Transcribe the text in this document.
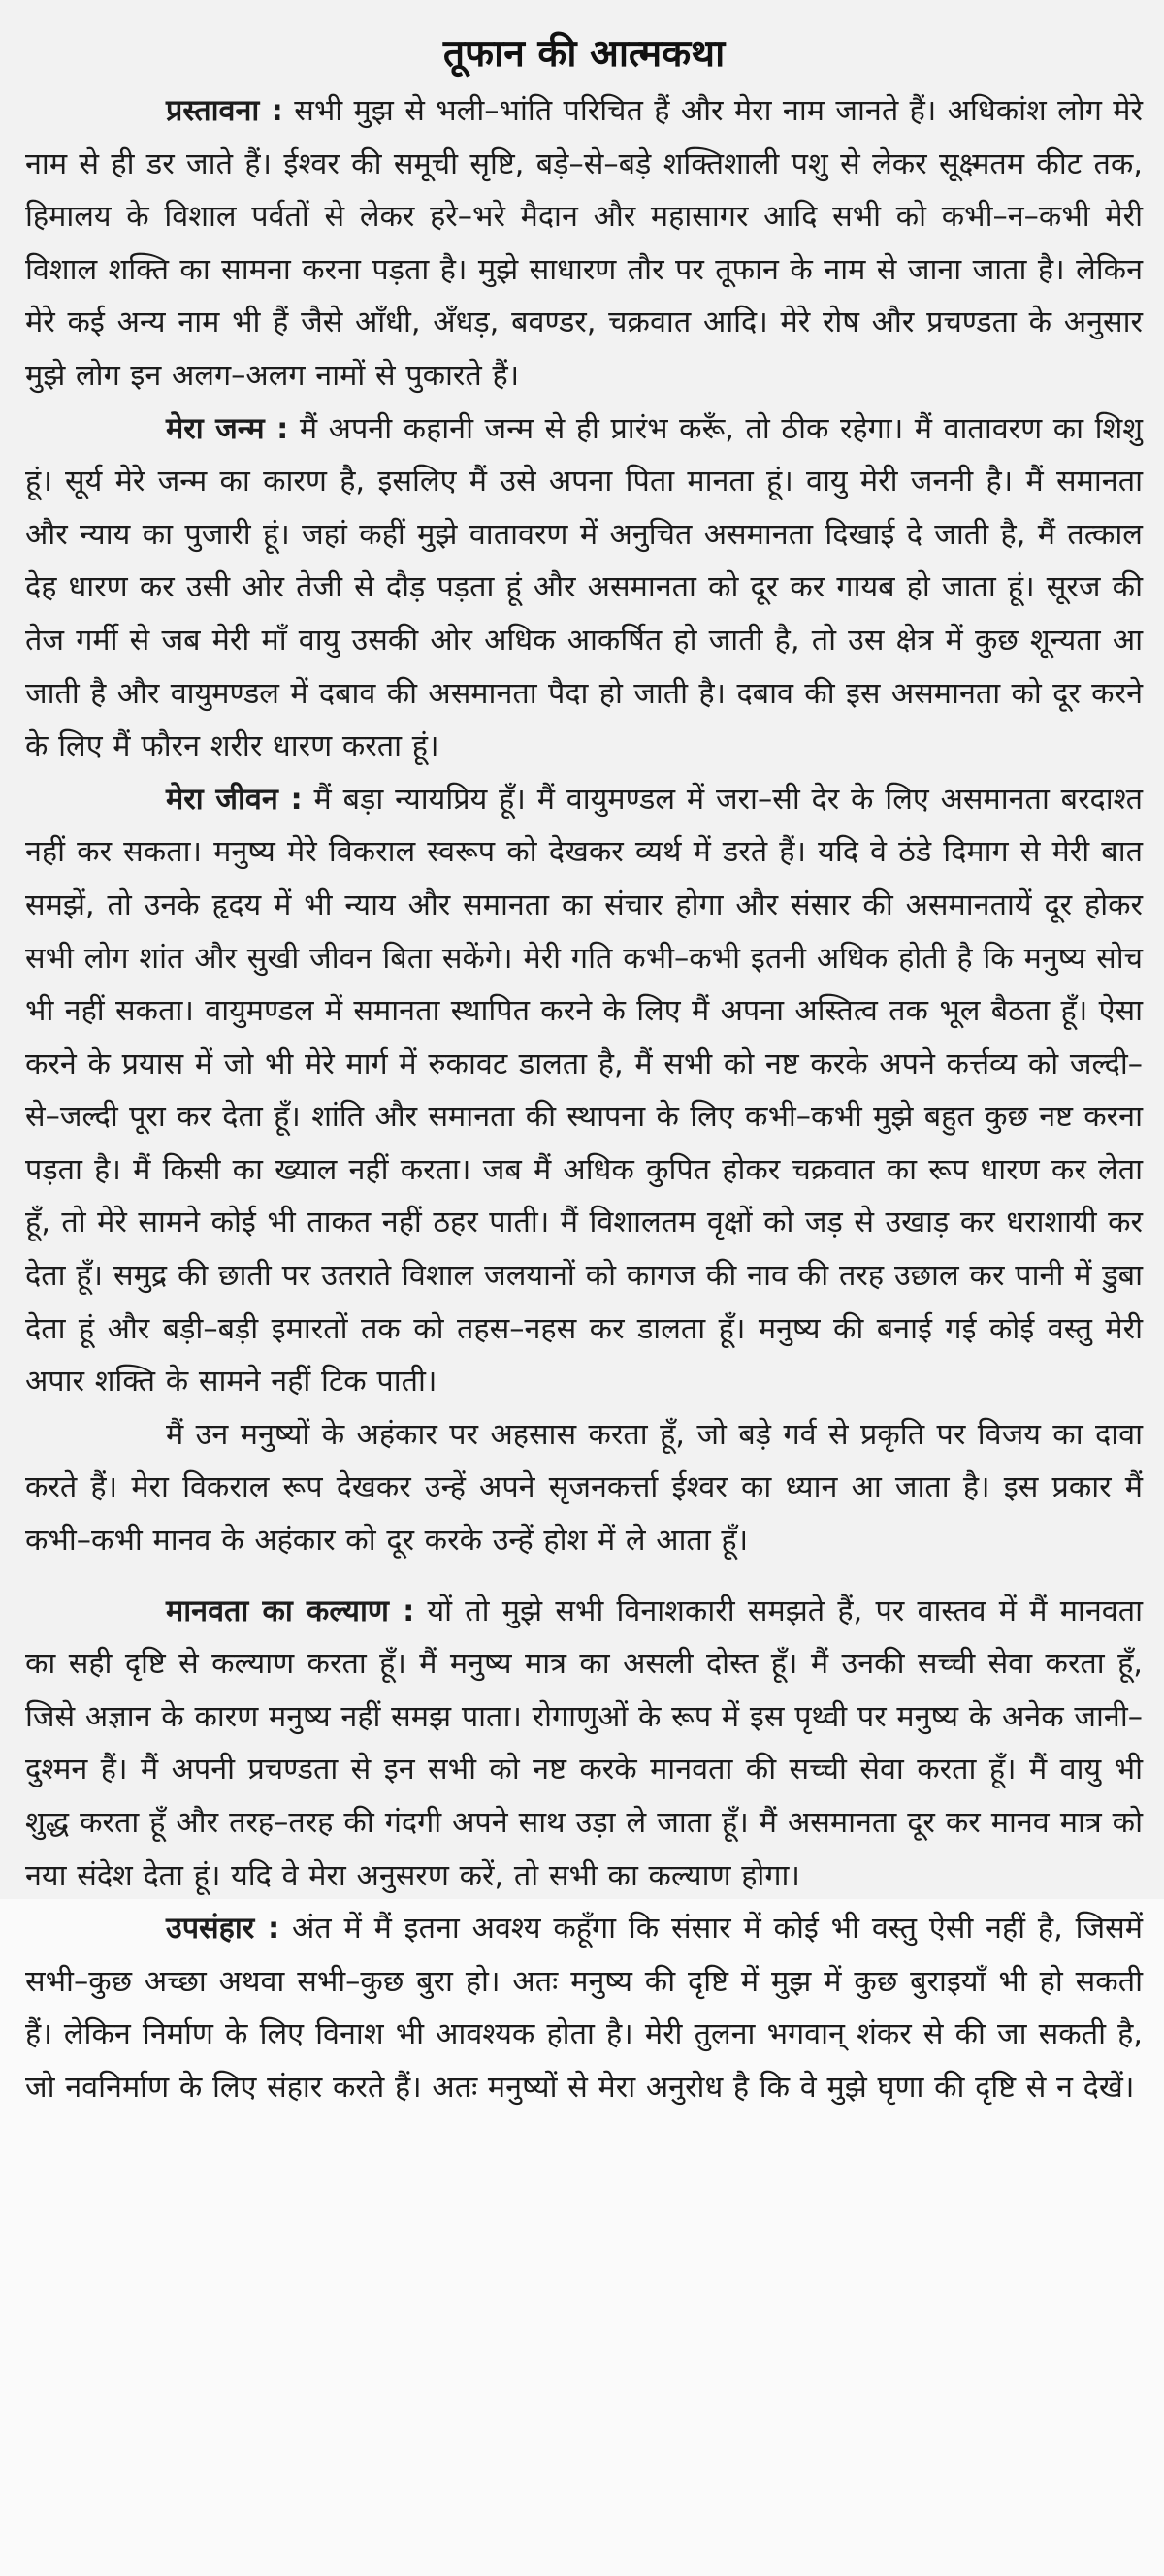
तूफान की आत्मकथा

प्रस्तावना : सभी मुझ से भली–भांति परिचित हैं और मेरा नाम जानते हैं। अधिकांश लोग मेरे नाम से ही डर जाते हैं। ईश्वर की समूची सृष्टि, बड़े–से–बड़े शक्तिशाली पशु से लेकर सूक्ष्मतम कीट तक, हिमालय के विशाल पर्वतों से लेकर हरे–भरे मैदान और महासागर आदि सभी को कभी–न–कभी मेरी विशाल शक्ति का सामना करना पड़ता है। मुझे साधारण तौर पर तूफान के नाम से जाना जाता है। लेकिन मेरे कई अन्य नाम भी हैं जैसे आँधी, अँधड़, बवण्डर, चक्रवात आदि। मेरे रोष और प्रचण्डता के अनुसार मुझे लोग इन अलग–अलग नामों से पुकारते हैं।

मेरा जन्म : मैं अपनी कहानी जन्म से ही प्रारंभ करूँ, तो ठीक रहेगा। मैं वातावरण का शिशु हूं। सूर्य मेरे जन्म का कारण है, इसलिए मैं उसे अपना पिता मानता हूं। वायु मेरी जननी है। मैं समानता और न्याय का पुजारी हूं। जहां कहीं मुझे वातावरण में अनुचित असमानता दिखाई दे जाती है, मैं तत्काल देह धारण कर उसी ओर तेजी से दौड़ पड़ता हूं और असमानता को दूर कर गायब हो जाता हूं। सूरज की तेज गर्मी से जब मेरी माँ वायु उसकी ओर अधिक आकर्षित हो जाती है, तो उस क्षेत्र में कुछ शून्यता आ जाती है और वायुमण्डल में दबाव की असमानता पैदा हो जाती है। दबाव की इस असमानता को दूर करने के लिए मैं फौरन शरीर धारण करता हूं।

मेरा जीवन : मैं बड़ा न्यायप्रिय हूँ। मैं वायुमण्डल में जरा–सी देर के लिए असमानता बरदाश्त नहीं कर सकता। मनुष्य मेरे विकराल स्वरूप को देखकर व्यर्थ में डरते हैं। यदि वे ठंडे दिमाग से मेरी बात समझें, तो उनके हृदय में भी न्याय और समानता का संचार होगा और संसार की असमानतायें दूर होकर सभी लोग शांत और सुखी जीवन बिता सकेंगे। मेरी गति कभी–कभी इतनी अधिक होती है कि मनुष्य सोच भी नहीं सकता। वायुमण्डल में समानता स्थापित करने के लिए मैं अपना अस्तित्व तक भूल बैठता हूँ। ऐसा करने के प्रयास में जो भी मेरे मार्ग में रुकावट डालता है, मैं सभी को नष्ट करके अपने कर्त्तव्य को जल्दी–से–जल्दी पूरा कर देता हूँ। शांति और समानता की स्थापना के लिए कभी–कभी मुझे बहुत कुछ नष्ट करना पड़ता है। मैं किसी का ख्याल नहीं करता। जब मैं अधिक कुपित होकर चक्रवात का रूप धारण कर लेता हूँ, तो मेरे सामने कोई भी ताकत नहीं ठहर पाती। मैं विशालतम वृक्षों को जड़ से उखाड़ कर धराशायी कर देता हूँ। समुद्र की छाती पर उतराते विशाल जलयानों को कागज की नाव की तरह उछाल कर पानी में डुबा देता हूं और बड़ी–बड़ी इमारतों तक को तहस–नहस कर डालता हूँ। मनुष्य की बनाई गई कोई वस्तु मेरी अपार शक्ति के सामने नहीं टिक पाती।

मैं उन मनुष्यों के अहंकार पर अहसास करता हूँ, जो बड़े गर्व से प्रकृति पर विजय का दावा करते हैं। मेरा विकराल रूप देखकर उन्हें अपने सृजनकर्त्ता ईश्वर का ध्यान आ जाता है। इस प्रकार मैं कभी–कभी मानव के अहंकार को दूर करके उन्हें होश में ले आता हूँ।

मानवता का कल्याण : यों तो मुझे सभी विनाशकारी समझते हैं, पर वास्तव में मैं मानवता का सही दृष्टि से कल्याण करता हूँ। मैं मनुष्य मात्र का असली दोस्त हूँ। मैं उनकी सच्ची सेवा करता हूँ, जिसे अज्ञान के कारण मनुष्य नहीं समझ पाता। रोगाणुओं के रूप में इस पृथ्वी पर मनुष्य के अनेक जानी–दुश्मन हैं। मैं अपनी प्रचण्डता से इन सभी को नष्ट करके मानवता की सच्ची सेवा करता हूँ। मैं वायु भी शुद्ध करता हूँ और तरह–तरह की गंदगी अपने साथ उड़ा ले जाता हूँ। मैं असमानता दूर कर मानव मात्र को नया संदेश देता हूं। यदि वे मेरा अनुसरण करें, तो सभी का कल्याण होगा।

उपसंहार : अंत में मैं इतना अवश्य कहूँगा कि संसार में कोई भी वस्तु ऐसी नहीं है, जिसमें सभी–कुछ अच्छा अथवा सभी–कुछ बुरा हो। अतः मनुष्य की दृष्टि में मुझ में कुछ बुराइयाँ भी हो सकती हैं। लेकिन निर्माण के लिए विनाश भी आवश्यक होता है। मेरी तुलना भगवान् शंकर से की जा सकती है, जो नवनिर्माण के लिए संहार करते हैं। अतः मनुष्यों से मेरा अनुरोध है कि वे मुझे घृणा की दृष्टि से न देखें।
